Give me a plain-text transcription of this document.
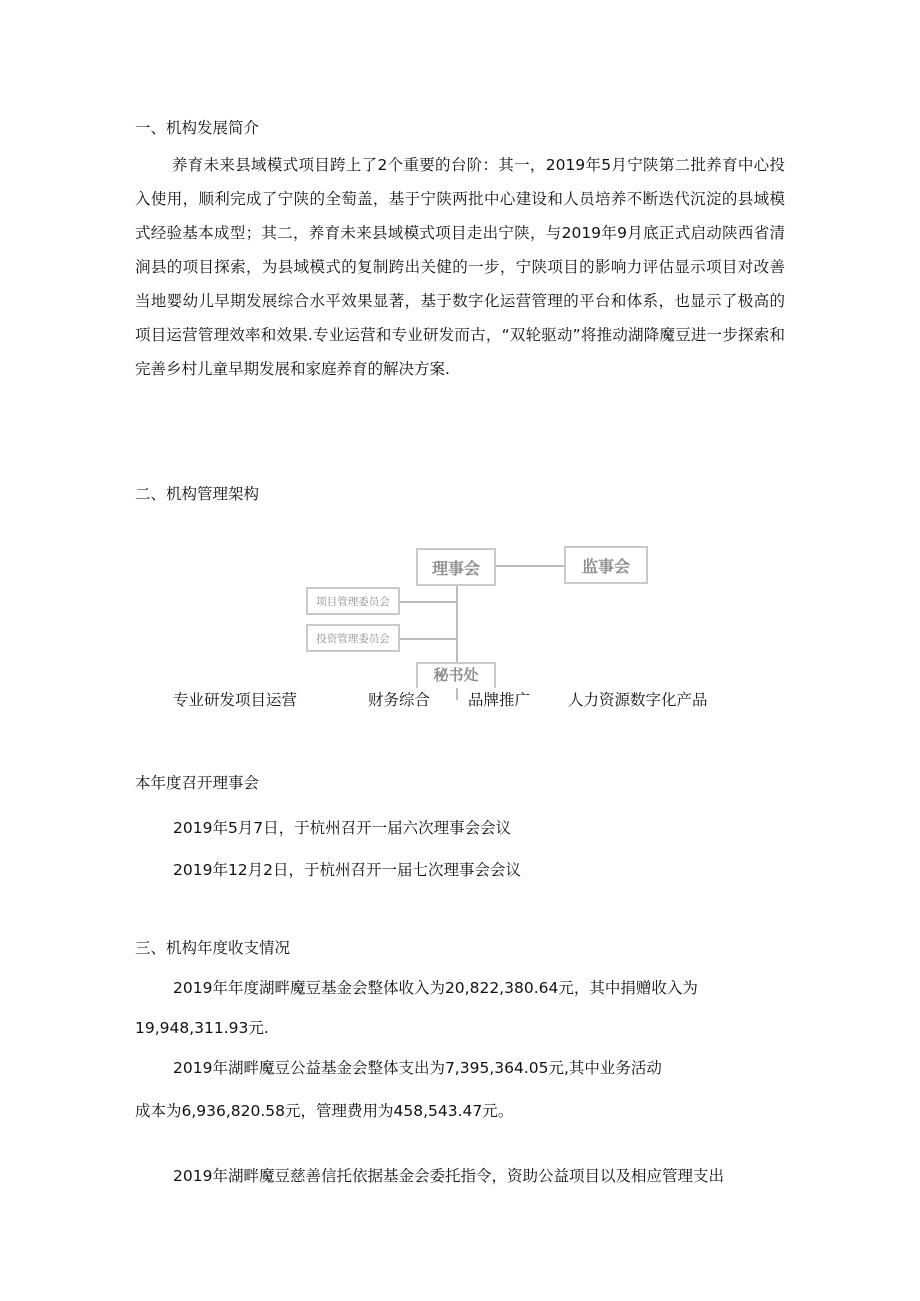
一、机构发展简介

养育未来县域模式项目跨上了2个重要的台阶：其一，2019年5月宁陕第二批养育中心投入使用，顺利完成了宁陕的全萄盖，基于宁陕两批中心建设和人员培养不断迭代沉淀的县域模式经验基本成型；其二，养育未来县域模式项目走出宁陕，与2019年9月底正式启动陕西省清涧县的项目探索，为县域模式的复制跨出关健的一步，宁陕项目的影响力评估显示项目对改善当地婴幼儿早期发展综合水平效果显著，基于数字化运营管理的平台和体系，也显示了极高的项目运营管理效率和效果.专业运营和专业研发而古，“双轮驱动”将推动湖降魔豆进一步探索和完善乡村儿童早期发展和家庭养育的解决方案.

二、机构管理架构
理事会	监事会
项目管理委员会
投资管理委员会
秘书处
专业研发项目运营	财务综合 品牌推广 人力资源数字化产品
本年度召开理事会
2019年5月7日，于杭州召开一届六次理事会会议
2019年12月2日，于杭州召开一届七次理事会会议
三、机构年度收支情况
2019年年度湖畔魔豆基金会整体收入为20,822,380.64元，其中捐赠收入为
19,948,311.93元.
2019年湖畔魔豆公益基金会整体支出为7,395,364.05元,其中业务活动
成本为6,936,820.58元，管理费用为458,543.47元。
2019年湖畔魔豆慈善信托依据基金会委托指令，资助公益项目以及相应管理支出
